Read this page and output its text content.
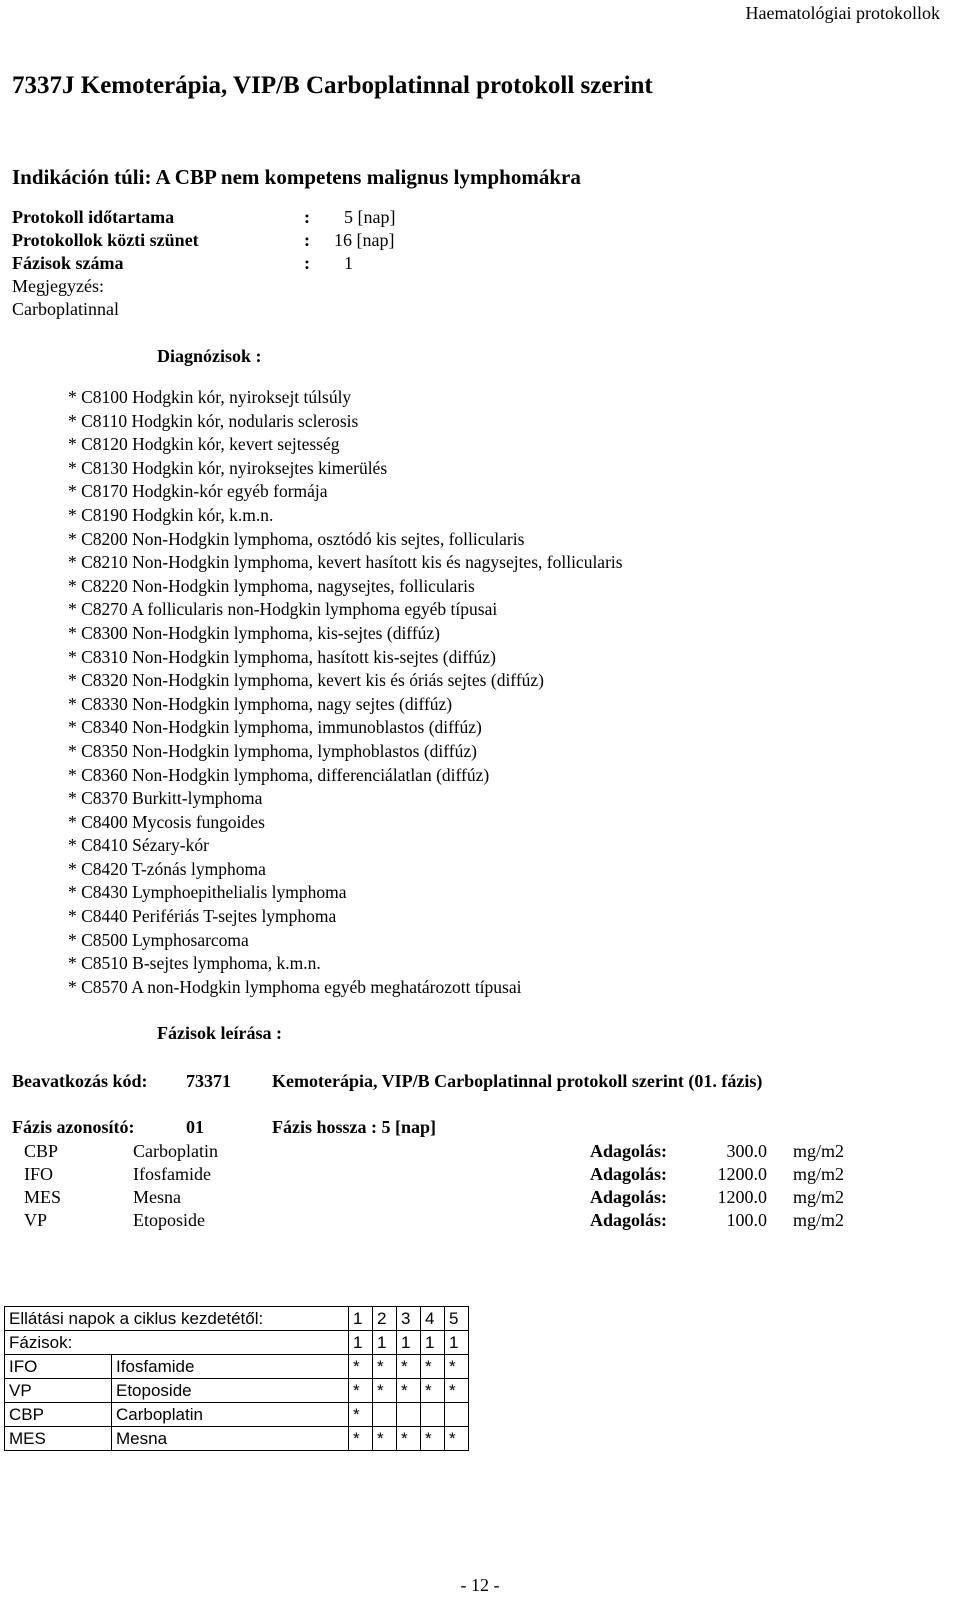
Haematológiai protokollok
7337J Kemoterápia, VIP/B Carboplatinnal protokoll szerint
Indikáción túli: A CBP nem kompetens malignus lymphomákra
Protokoll időtartama	: 5 [nap]
Protokollok közti szünet	: 16 [nap]
Fázisok száma	: 1
Megjegyzés:
Carboplatinnal
Diagnózisok :
* C8100 Hodgkin kór, nyiroksejt túlsúly
* C8110 Hodgkin kór, nodularis sclerosis
* C8120 Hodgkin kór, kevert sejtesség
* C8130 Hodgkin kór, nyiroksejtes kimerülés
* C8170 Hodgkin-kór egyéb formája
* C8190 Hodgkin kór, k.m.n.
* C8200 Non-Hodgkin lymphoma, osztódó kis sejtes, follicularis
* C8210 Non-Hodgkin lymphoma, kevert hasított kis és nagysejtes, follicularis
* C8220 Non-Hodgkin lymphoma, nagysejtes, follicularis
* C8270 A follicularis non-Hodgkin lymphoma egyéb típusai
* C8300 Non-Hodgkin lymphoma, kis-sejtes (diffúz)
* C8310 Non-Hodgkin lymphoma, hasított kis-sejtes (diffúz)
* C8320 Non-Hodgkin lymphoma, kevert kis és óriás sejtes (diffúz)
* C8330 Non-Hodgkin lymphoma, nagy sejtes (diffúz)
* C8340 Non-Hodgkin lymphoma, immunoblastos (diffúz)
* C8350 Non-Hodgkin lymphoma, lymphoblastos (diffúz)
* C8360 Non-Hodgkin lymphoma, differenciálatlan (diffúz)
* C8370 Burkitt-lymphoma
* C8400 Mycosis fungoides
* C8410 Sézary-kór
* C8420 T-zónás lymphoma
* C8430 Lymphoepithelialis lymphoma
* C8440 Perifériás T-sejtes lymphoma
* C8500 Lymphosarcoma
* C8510 B-sejtes lymphoma, k.m.n.
* C8570 A non-Hodgkin lymphoma egyéb meghatározott típusai
Fázisok leírása :
Beavatkozás kód: 73371 Kemoterápia, VIP/B Carboplatinnal protokoll szerint (01. fázis)
Fázis azonosító:	01	Fázis hossza : 5 [nap]
CBP	Carboplatin	Adagolás:	300.0 mg/m2
IFO	Ifosfamide	Adagolás:	1200.0 mg/m2
MES	Mesna	Adagolás:	1200.0 mg/m2
VP	Etoposide	Adagolás:	100.0 mg/m2
Ellátási napok a ciklus kezdetétől:		1	2	3	4	5
Fázisok:		1	1	1	1	1
IFO	Ifosfamide	*	*	*	*	*
VP	Etoposide	*	*	*	*	*
CBP	Carboplatin	*				
MES	Mesna	*	*	*	*	*
- 12 -
